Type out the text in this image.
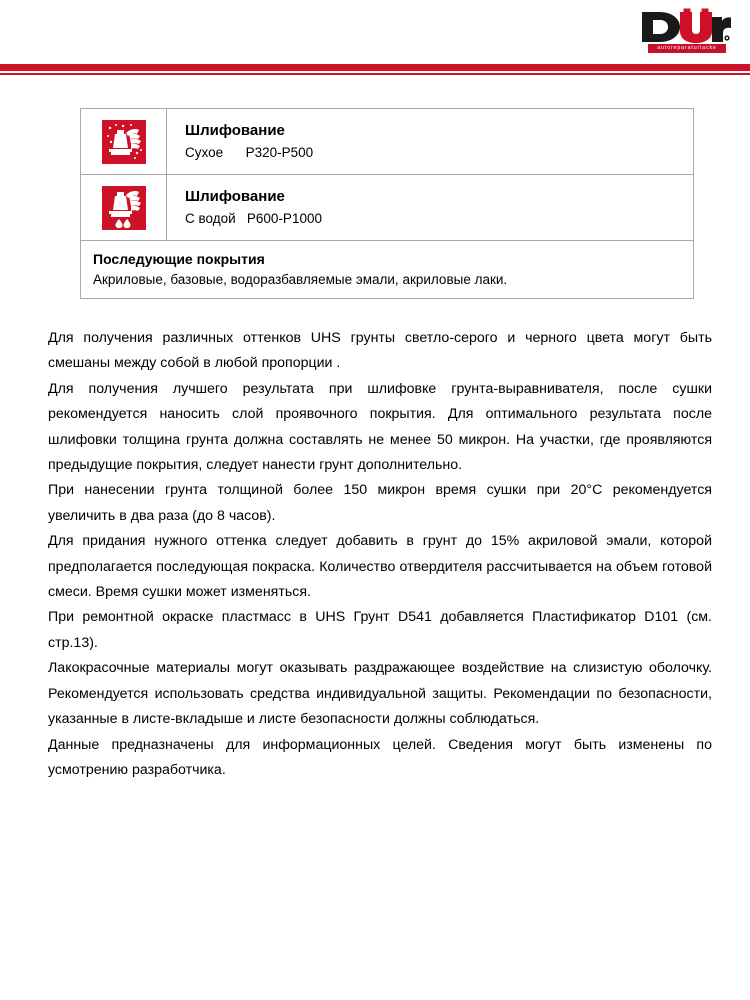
autoreparaturlacke
Шлифование
Сухое      P320-P500
Шлифование
С водой   P600-P1000
Последующие покрытия
Акриловые, базовые, водоразбавляемые эмали, акриловые лаки.

Для получения различных оттенков UHS грунты светло-серого и черного цвета могут быть смешаны между собой в любой пропорции .

Для получения лучшего результата при шлифовке грунта-выравнивателя, после сушки рекомендуется наносить слой проявочного покрытия. Для оптимального результата после шлифовки толщина грунта должна составлять не менее 50 микрон. На участки, где проявляются предыдущие покрытия, следует нанести грунт дополнительно.

При нанесении грунта толщиной более 150 микрон время сушки при 20°C рекомендуется увеличить в два раза (до 8 часов).

Для придания нужного оттенка следует добавить в грунт до 15% акриловой эмали, которой предполагается последующая покраска. Количество отвердителя рассчитывается на объем готовой смеси. Время сушки может изменяться.

При ремонтной окраске пластмасс в UHS Грунт D541 добавляется Пластификатор D101 (см. стр.13).

Лакокрасочные материалы могут оказывать раздражающее воздействие на слизистую оболочку. Рекомендуется использовать средства индивидуальной защиты. Рекомендации по безопасности, указанные в листе-вкладыше и листе безопасности должны соблюдаться.

Данные предназначены для информационных целей. Сведения могут быть изменены по усмотрению разработчика.
